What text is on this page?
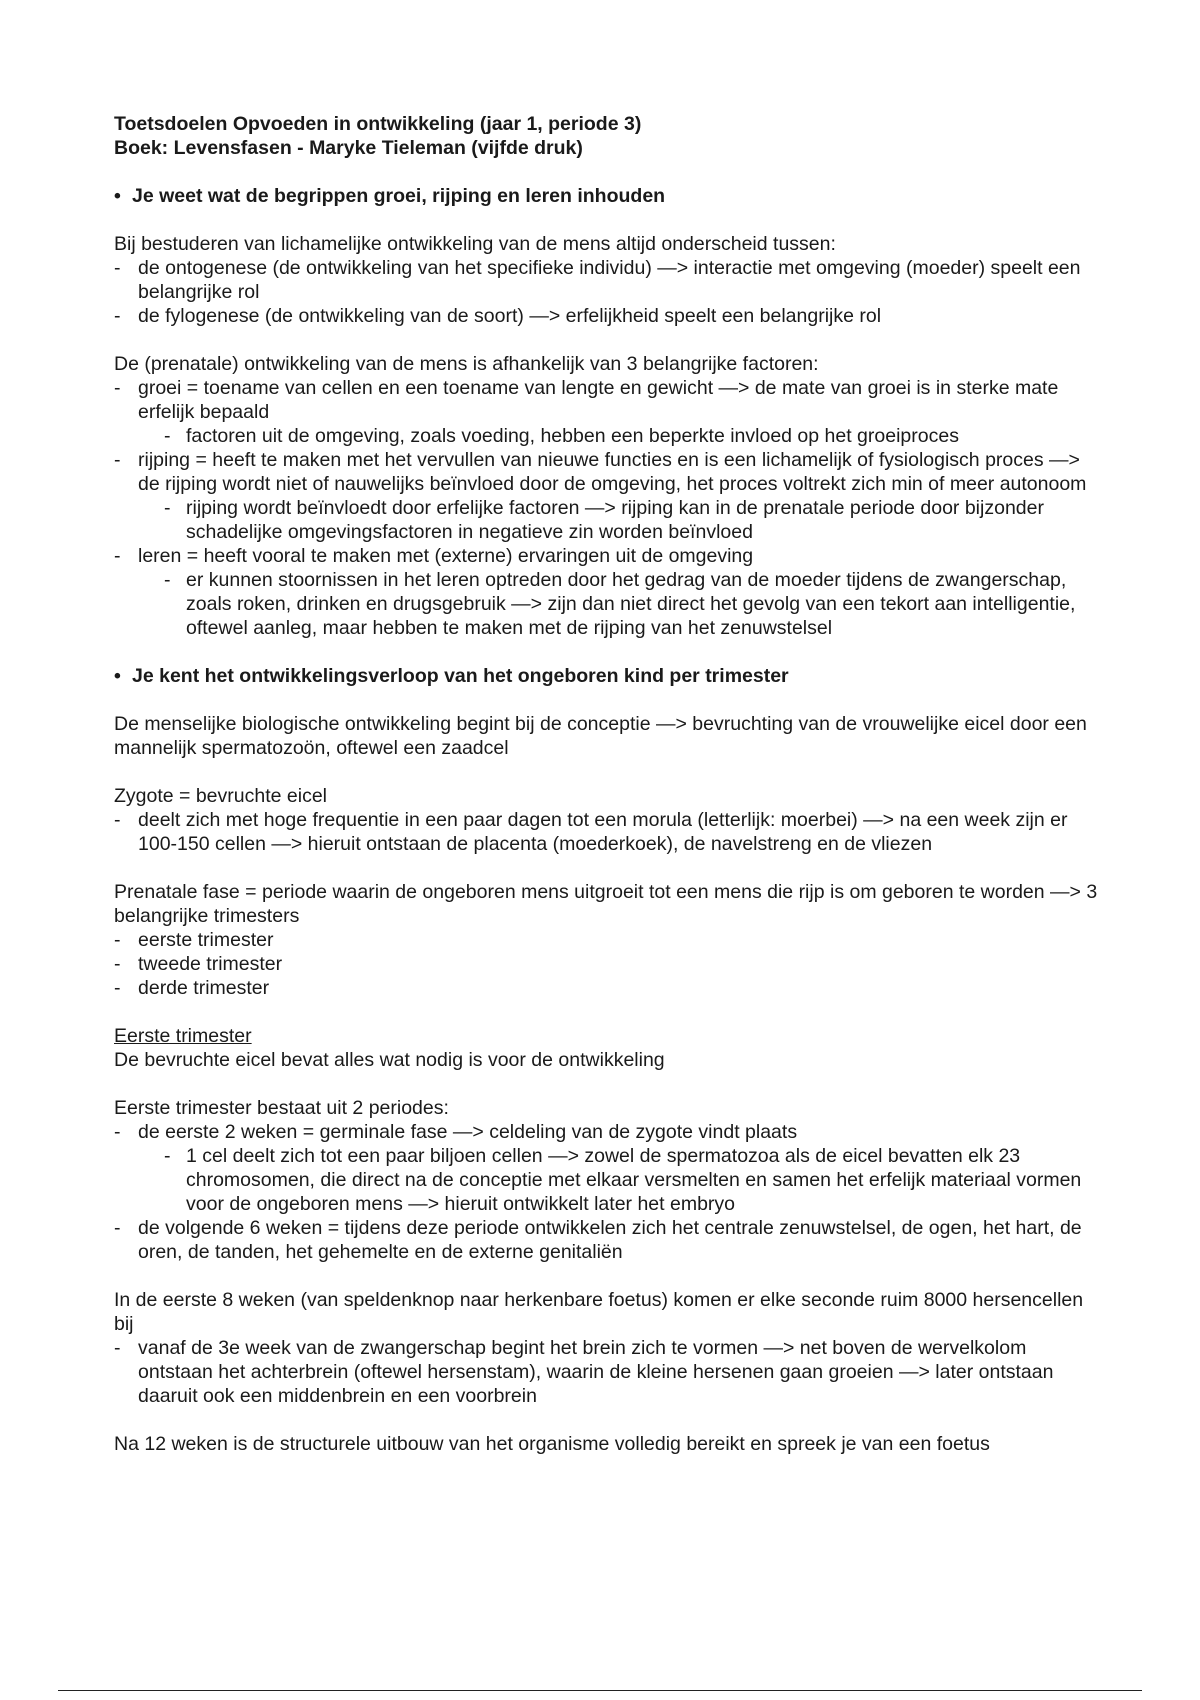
Toetsdoelen Opvoeden in ontwikkeling (jaar 1, periode 3)

Boek: Levensfasen - Maryke Tieleman (vijfde druk)

• Je weet wat de begrippen groei, rijping en leren inhouden

Bij bestuderen van lichamelijke ontwikkeling van de mens altijd onderscheid tussen:

- de ontogenese (de ontwikkeling van het specifieke individu) —> interactie met omgeving (moeder) speelt een belangrijke rol
- de fylogenese (de ontwikkeling van de soort) —> erfelijkheid speelt een belangrijke rol

De (prenatale) ontwikkeling van de mens is afhankelijk van 3 belangrijke factoren:

- groei = toename van cellen en een toename van lengte en gewicht —> de mate van groei is in sterke mate erfelijk bepaald
- factoren uit de omgeving, zoals voeding, hebben een beperkte invloed op het groeiproces
- rijping = heeft te maken met het vervullen van nieuwe functies en is een lichamelijk of fysiologisch proces —> de rijping wordt niet of nauwelijks beïnvloed door de omgeving, het proces voltrekt zich min of meer autonoom
- rijping wordt beïnvloedt door erfelijke factoren —> rijping kan in de prenatale periode door bijzonder schadelijke omgevingsfactoren in negatieve zin worden beïnvloed
- leren = heeft vooral te maken met (externe) ervaringen uit de omgeving
- er kunnen stoornissen in het leren optreden door het gedrag van de moeder tijdens de zwangerschap, zoals roken, drinken en drugsgebruik —> zijn dan niet direct het gevolg van een tekort aan intelligentie, oftewel aanleg, maar hebben te maken met de rijping van het zenuwstelsel
• Je kent het ontwikkelingsverloop van het ongeboren kind per trimester

De menselijke biologische ontwikkeling begint bij de conceptie —> bevruchting van de vrouwelijke eicel door een mannelijk spermatozoön, oftewel een zaadcel

Zygote = bevruchte eicel

- deelt zich met hoge frequentie in een paar dagen tot een morula (letterlijk: moerbei) —> na een week zijn er 100-150 cellen —> hieruit ontstaan de placenta (moederkoek), de navelstreng en de vliezen

Prenatale fase = periode waarin de ongeboren mens uitgroeit tot een mens die rijp is om geboren te worden —> 3 belangrijke trimesters

- eerste trimester
- tweede trimester
- derde trimester

Eerste trimester

De bevruchte eicel bevat alles wat nodig is voor de ontwikkeling

Eerste trimester bestaat uit 2 periodes:

- de eerste 2 weken = germinale fase —> celdeling van de zygote vindt plaats
- 1 cel deelt zich tot een paar biljoen cellen —> zowel de spermatozoa als de eicel bevatten elk 23 chromosomen, die direct na de conceptie met elkaar versmelten en samen het erfelijk materiaal vormen voor de ongeboren mens —> hieruit ontwikkelt later het embryo
- de volgende 6 weken = tijdens deze periode ontwikkelen zich het centrale zenuwstelsel, de ogen, het hart, de oren, de tanden, het gehemelte en de externe genitaliën

In de eerste 8 weken (van speldenknop naar herkenbare foetus) komen er elke seconde ruim 8000 hersencellen bij

- vanaf de 3e week van de zwangerschap begint het brein zich te vormen —> net boven de wervelkolom ontstaan het achterbrein (oftewel hersenstam), waarin de kleine hersenen gaan groeien —> later ontstaan daaruit ook een middenbrein en een voorbrein

Na 12 weken is de structurele uitbouw van het organisme volledig bereikt en spreek je van een foetus
